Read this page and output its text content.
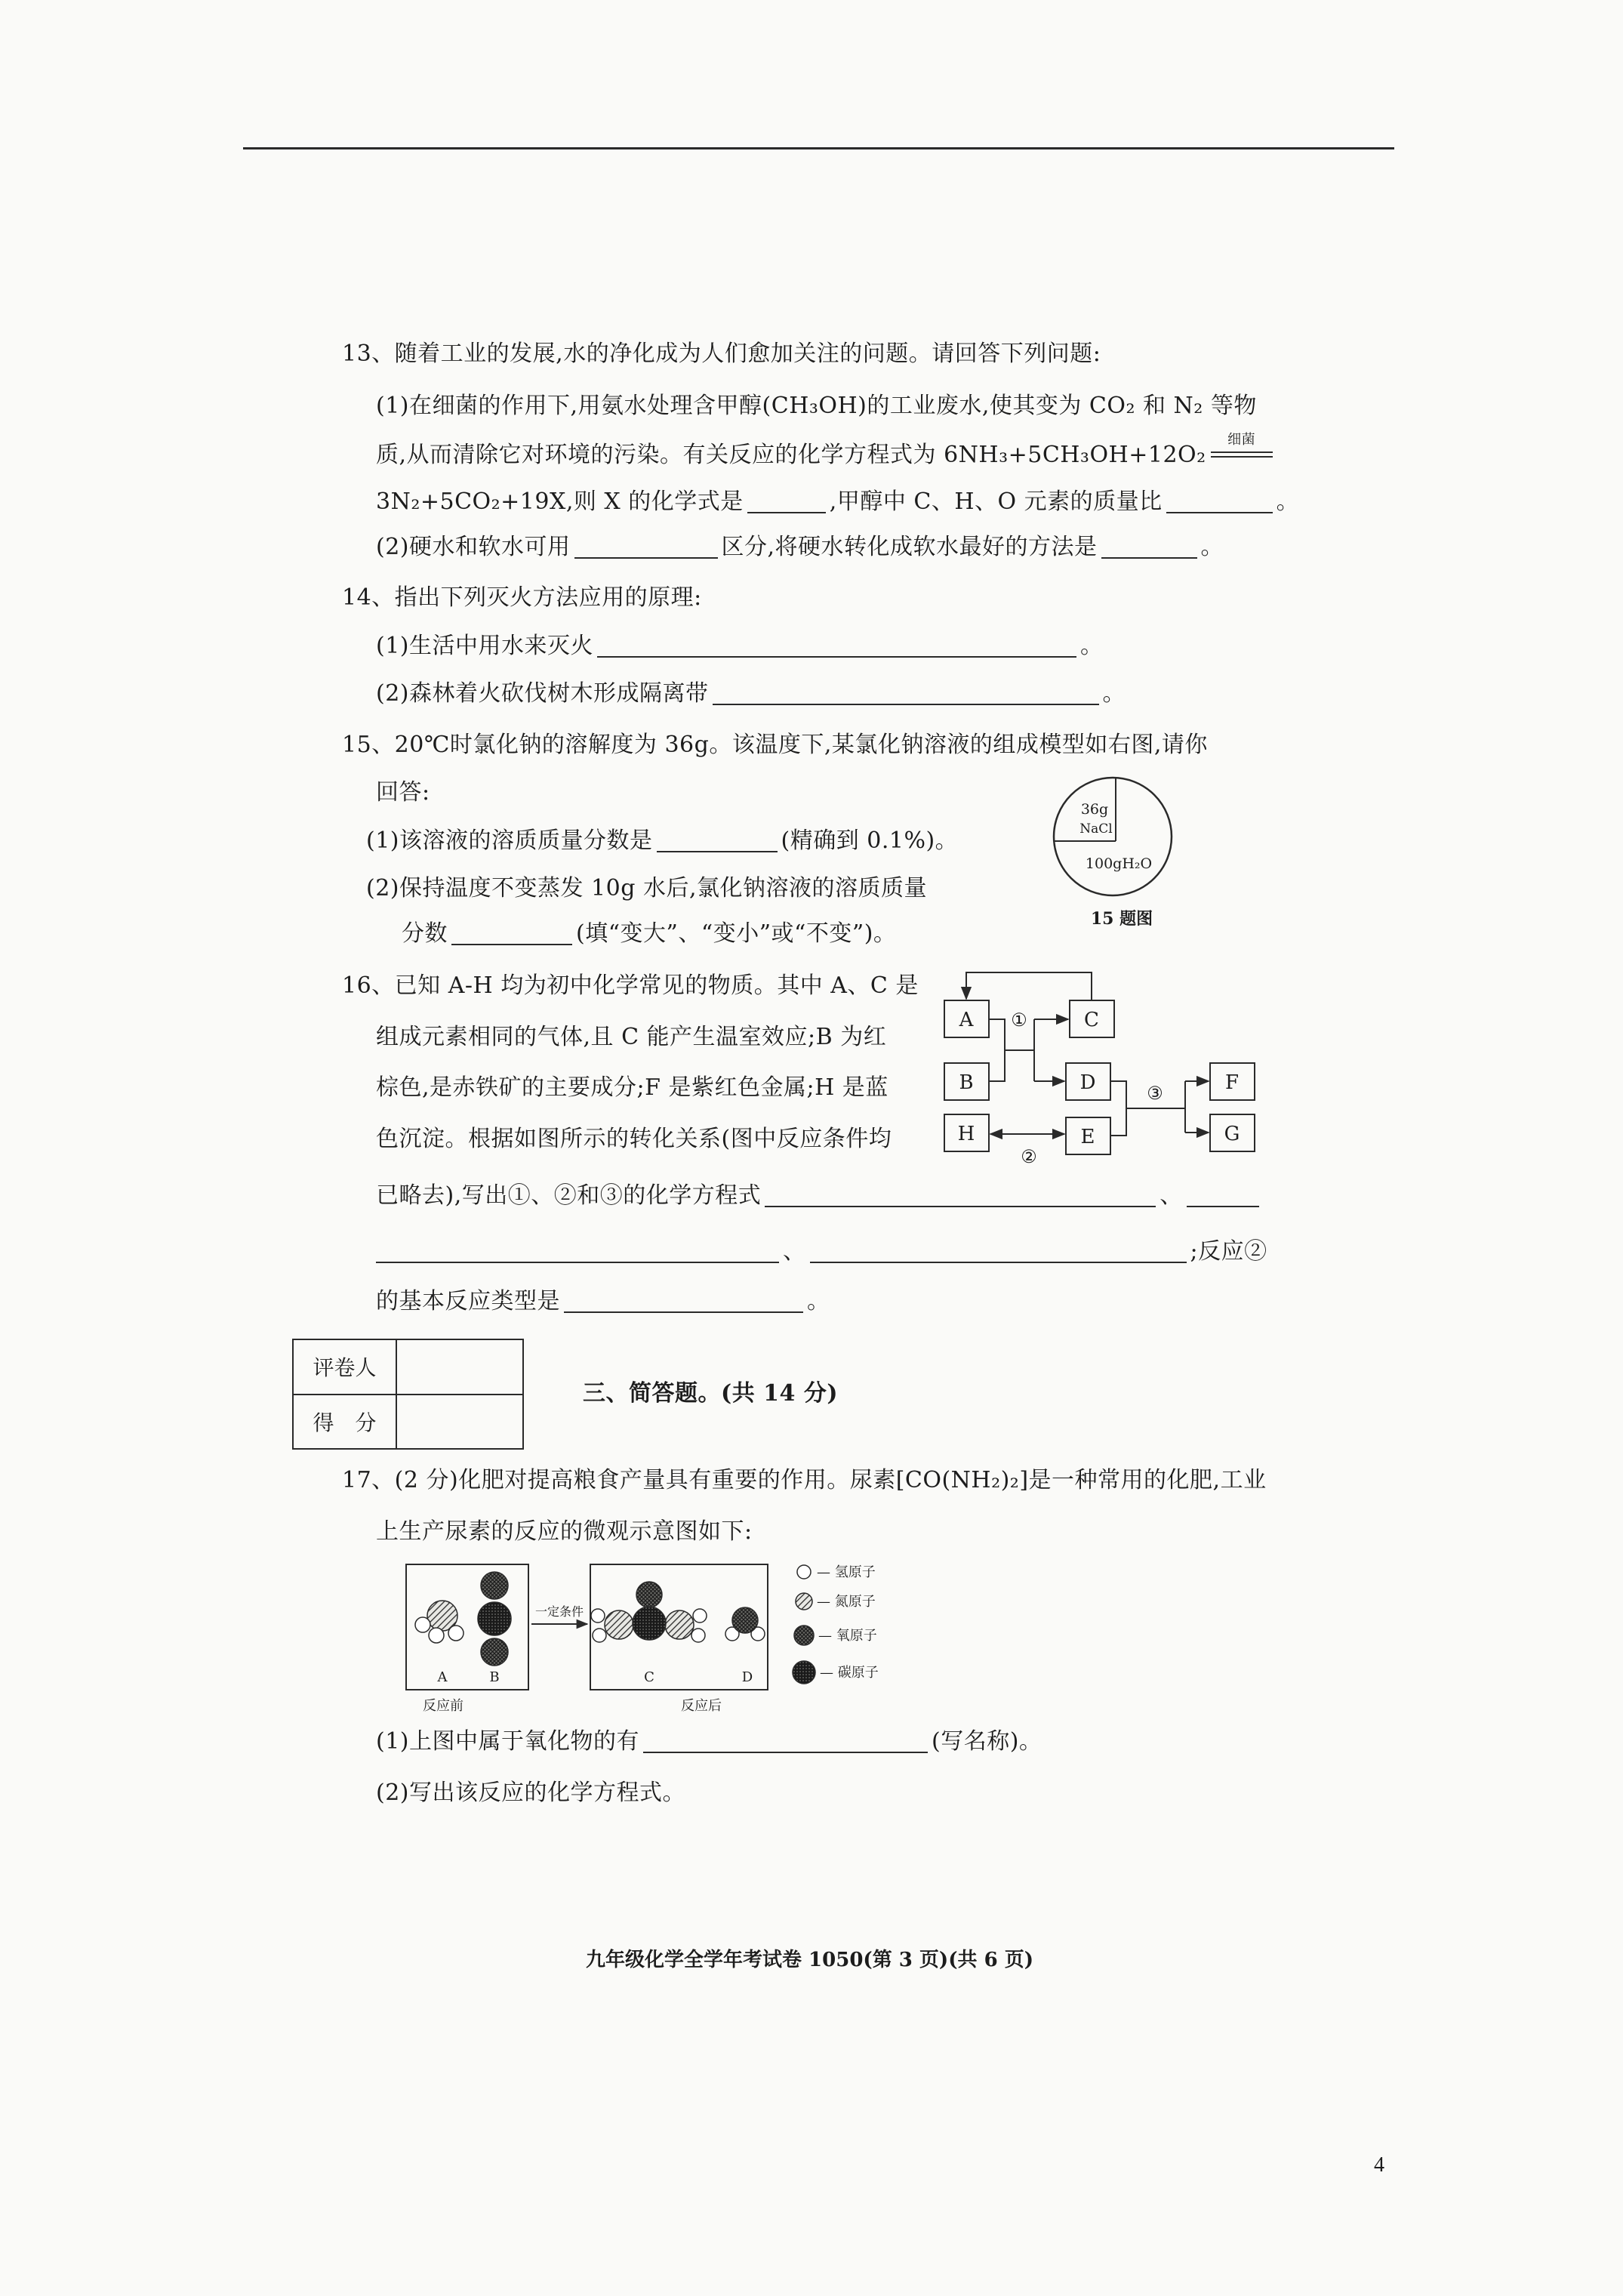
13、随着工业的发展,水的净化成为人们愈加关注的问题。请回答下列问题:
(1)在细菌的作用下,用氨水处理含甲醇(CH₃OH)的工业废水,使其变为 CO₂ 和 N₂ 等物
质,从而清除它对环境的污染。有关反应的化学方程式为 6NH₃+5CH₃OH+12O₂
细菌
3N₂+5CO₂+19X,则 X 的化学式是	,甲醇中 C、H、O 元素的质量比	。
(2)硬水和软水可用	区分,将硬水转化成软水最好的方法是	。
14、指出下列灭火方法应用的原理:
(1)生活中用水来灭火	。
(2)森林着火砍伐树木形成隔离带	。
15、20℃时氯化钠的溶解度为 36g。该温度下,某氯化钠溶液的组成模型如右图,请你
回答:
(1)该溶液的溶质质量分数是	(精确到 0.1%)。
(2)保持温度不变蒸发 10g 水后,氯化钠溶液的溶质质量
分数	(填“变大”、“变小”或“不变”)。
36g
NaCl
100gH₂O
15 题图
16、已知 A-H 均为初中化学常见的物质。其中 A、C 是
组成元素相同的气体,且 C 能产生温室效应;B 为红
棕色,是赤铁矿的主要成分;F 是紫红色金属;H 是蓝
色沉淀。根据如图所示的转化关系(图中反应条件均
已略去),写出①、②和③的化学方程式	、
、	;反应②
的基本反应类型是	。
A	C
B	D	F
H	E	G
①
②
③
评卷人	
得　分	
三、简答题。(共 14 分)
17、(2 分)化肥对提高粮食产量具有重要的作用。尿素[CO(NH₂)₂]是一种常用的化肥,工业
上生产尿素的反应的微观示意图如下:
一定条件
A	B	C	D
反应前	反应后
— 氢原子
— 氮原子
— 氧原子
— 碳原子
(1)上图中属于氧化物的有	(写名称)。
(2)写出该反应的化学方程式。
九年级化学全学年考试卷 1050(第 3 页)(共 6 页)
4
